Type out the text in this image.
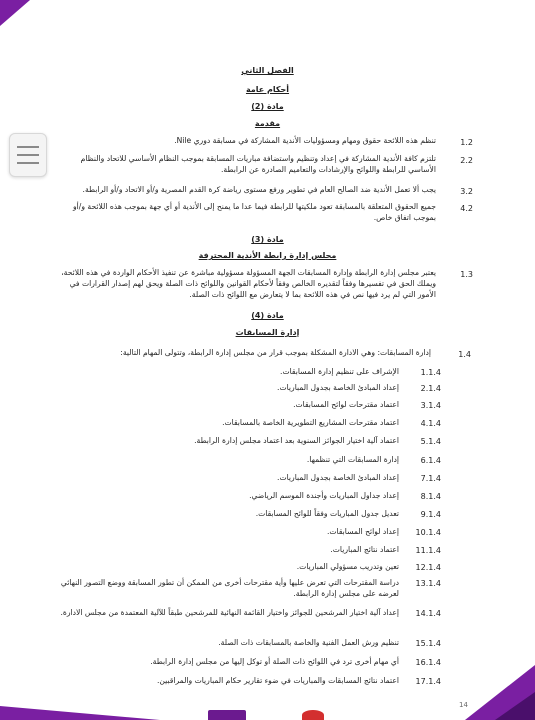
الفصل الثاني
أحكام عامة
مادة (2)
مقدمة
1.2
تنظم هذه اللائحة حقوق ومهام ومسؤوليات الأندية المشاركة في مسابقة دوري Nile.
2.2
تلتزم كافة الأندية المشاركة في إعداد وتنظيم واستضافة مباريات المسابقة بموجب النظام الأساسي للاتحاد والنظام الأساسي للرابطة واللوائح والإرشادات والتعاميم الصادرة عن الرابطة.
3.2
يجب ألا تعمل الأندية ضد الصالح العام في تطوير ورفع مستوى رياضة كرة القدم المصرية و/أو الاتحاد و/أو الرابطة.
4.2
جميع الحقوق المتعلقة بالمسابقة تعود ملكيتها للرابطة فيما عدا ما يمنح إلى الأندية أو أي جهة بموجب هذه اللائحة و/أو بموجب اتفاق خاص.
مادة (3)
مجلس إدارة رابطة الأندية المحترفة
1.3
يعتبر مجلس إدارة الرابطة وإدارة المسابقات الجهة المسؤولة مسؤولية مباشرة عن تنفيذ الأحكام الواردة في هذه اللائحة، ويملك الحق في تفسيرها وفقاً لتقديره الخالص وفقاً لأحكام القوانين واللوائح ذات الصلة ويحق لهم إصدار القرارات في الأمور التي لم يرد فيها نص في هذه اللائحة بما لا يتعارض مع اللوائح ذات الصلة.
مادة (4)
إدارة المسابقات
1.4
إدارة المسابقات: وهي الادارة المشكلة بموجب قرار من مجلس إدارة الرابطة، وتتولى المهام التالية:
1.1.4
الإشراف على تنظيم إدارة المسابقات.
2.1.4
إعداد المبادئ الخاصة بجدول المباريات.
3.1.4
اعتماد مقترحات لوائح المسابقات.
4.1.4
اعتماد مقترحات المشاريع التطويرية الخاصة بالمسابقات.
5.1.4
اعتماد آلية اختيار الجوائز السنوية بعد اعتماد مجلس إدارة الرابطة.
6.1.4
إدارة المسابقات التي تنظمها.
7.1.4
إعداد المبادئ الخاصة بجدول المباريات.
8.1.4
إعداد جداول المباريات وأجندة الموسم الرياضي.
9.1.4
تعديل جدول المباريات وفقاً للوائح المسابقات.
10.1.4
إعداد لوائح المسابقات.
11.1.4
اعتماد نتائج المباريات.
12.1.4
تعين وتدريب مسؤولي المباريات.
13.1.4
دراسة المقترحات التي تعرض عليها وأية مقترحات أخرى من الممكن أن تطور المسابقة ووضع التصور النهائي لعرضه على مجلس إدارة الرابطة.
14.1.4
إعداد آلية اختيار المرشحين للجوائز واختيار القائمة النهائية للمرشحين طبقاً للآلية المعتمدة من مجلس الادارة.
15.1.4
تنظيم ورش العمل الفنية والخاصة بالمسابقات ذات الصلة.
16.1.4
أي مهام أخرى ترد في اللوائح ذات الصلة أو توكل إليها من مجلس إدارة الرابطة.
17.1.4
اعتماد نتائج المسابقات والمباريات في ضوء تقارير حكام المباريات والمراقبين.
14
